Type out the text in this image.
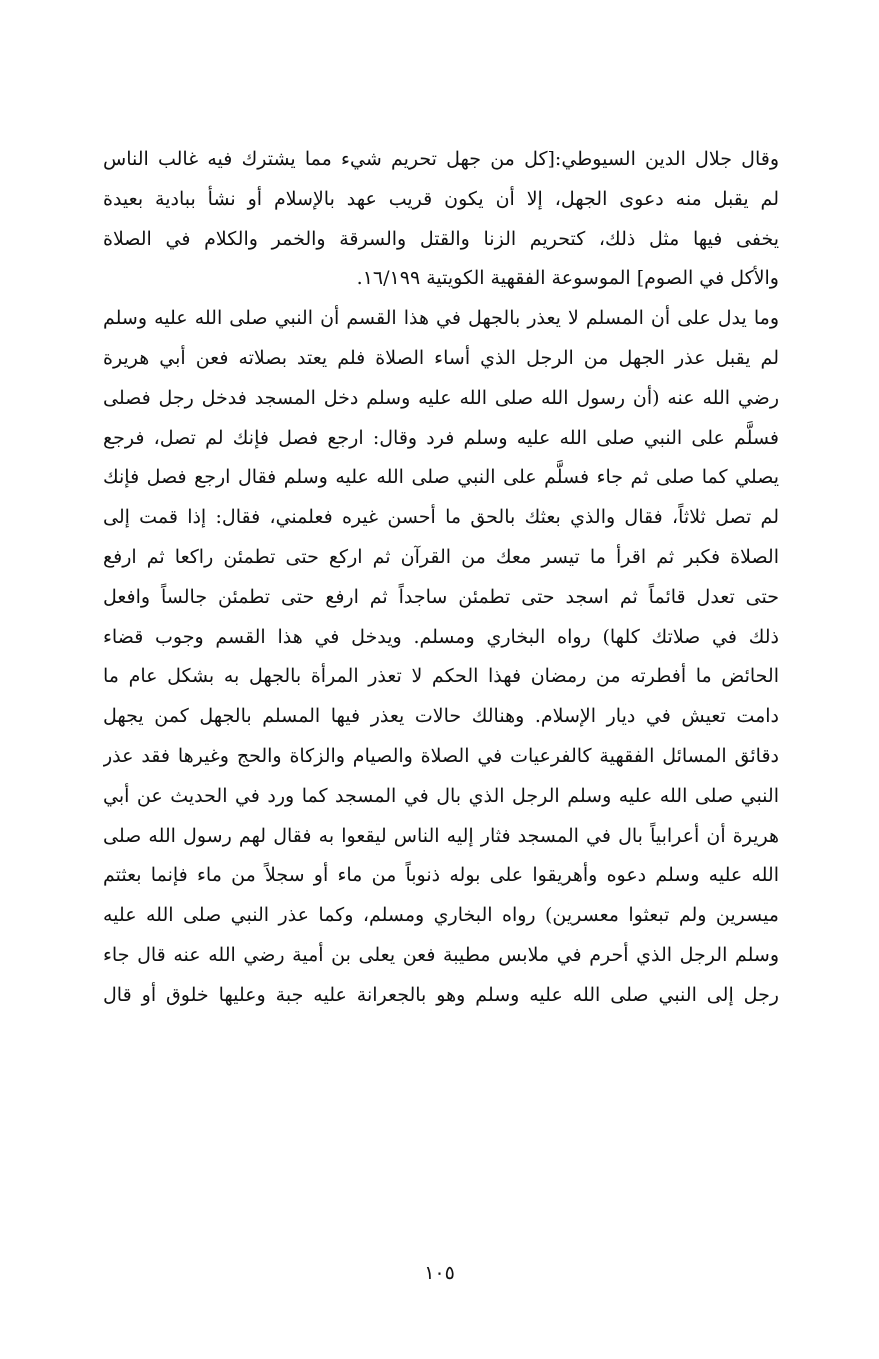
وقال جلال الدين السيوطي:[كل من جهل تحريم شيء مما يشترك فيه غالب الناس
لم يقبل منه دعوى الجهل، إلا أن يكون قريب عهد بالإسلام أو نشأ ببادية بعيدة
يخفى فيها مثل ذلك، كتحريم الزنا والقتل والسرقة والخمر والكلام في الصلاة
والأكل في الصوم] الموسوعة الفقهية الكويتية ١٦/١٩٩.
وما يدل على أن المسلم لا يعذر بالجهل في هذا القسم أن النبي صلى الله عليه وسلم
لم يقبل عذر الجهل من الرجل الذي أساء الصلاة فلم يعتد بصلاته فعن أبي هريرة
رضي الله عنه (أن رسول الله صلى الله عليه وسلم دخل المسجد فدخل رجل فصلى
فسلَّم على النبي صلى الله عليه وسلم فرد وقال: ارجع فصل فإنك لم تصل، فرجع
يصلي كما صلى ثم جاء فسلَّم على النبي صلى الله عليه وسلم فقال ارجع فصل فإنك
لم تصل ثلاثاً، فقال والذي بعثك بالحق ما أحسن غيره فعلمني، فقال: إذا قمت إلى
الصلاة فكبر ثم اقرأ ما تيسر معك من القرآن ثم اركع حتى تطمئن راكعا ثم ارفع
حتى تعدل قائماً ثم اسجد حتى تطمئن ساجداً ثم ارفع حتى تطمئن جالساً وافعل
ذلك في صلاتك كلها) رواه البخاري ومسلم. ويدخل في هذا القسم وجوب قضاء
الحائض ما أفطرته من رمضان فهذا الحكم لا تعذر المرأة بالجهل به بشكل عام ما
دامت تعيش في ديار الإسلام. وهنالك حالات يعذر فيها المسلم بالجهل كمن يجهل
دقائق المسائل الفقهية كالفرعيات في الصلاة والصيام والزكاة والحج وغيرها فقد عذر
النبي صلى الله عليه وسلم الرجل الذي بال في المسجد كما ورد في الحديث عن أبي
هريرة أن أعرابياً بال في المسجد فثار إليه الناس ليقعوا به فقال لهم رسول الله صلى
الله عليه وسلم دعوه وأهريقوا على بوله ذنوباً من ماء أو سجلاً من ماء فإنما بعثتم
ميسرين ولم تبعثوا معسرين) رواه البخاري ومسلم، وكما عذر النبي صلى الله عليه
وسلم الرجل الذي أحرم في ملابس مطيبة فعن يعلى بن أمية رضي الله عنه قال جاء
رجل إلى النبي صلى الله عليه وسلم وهو بالجعرانة عليه جبة وعليها خلوق أو قال
١٠٥
